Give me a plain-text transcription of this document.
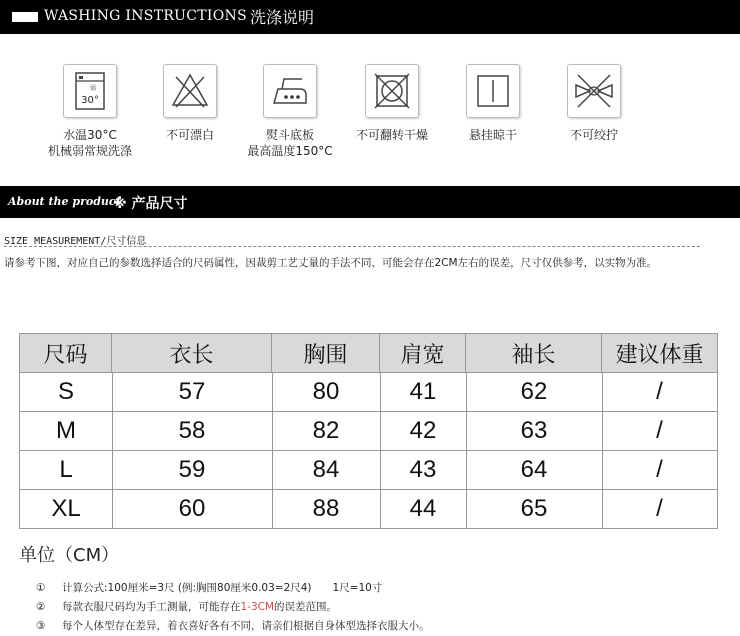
WASHING INSTRUCTIONS 洗涤说明
弱
30°
水温30°C
机械弱常规洗涤
不可漂白	熨斗底板
最高温度150°C
不可翻转干燥	悬挂晾干	不可绞拧
About the product
※ 产品尺寸
SIZE MEASUREMENT/尺寸信息
请参考下图，对应自己的参数选择适合的尺码属性，因裁剪工艺丈量的手法不同，可能会存在2CM左右的误差，尺寸仅供参考，以实物为准。
尺码	衣长	胸围	肩宽	袖长	建议体重
S	57	80	41	62	/
M	58	82	42	63	/
L	59	84	43	64	/
XL	60	88	44	65	/
单位（CM）
① 计算公式:100厘米=3尺 (例:胸围80厘米0.03=2尺4)　　1尺=10寸
② 每款衣服尺码均为手工测量，可能存在1-3CM的误差范围。
③ 每个人体型存在差异，着衣喜好各有不同，请亲们根据自身体型选择衣服大小。
